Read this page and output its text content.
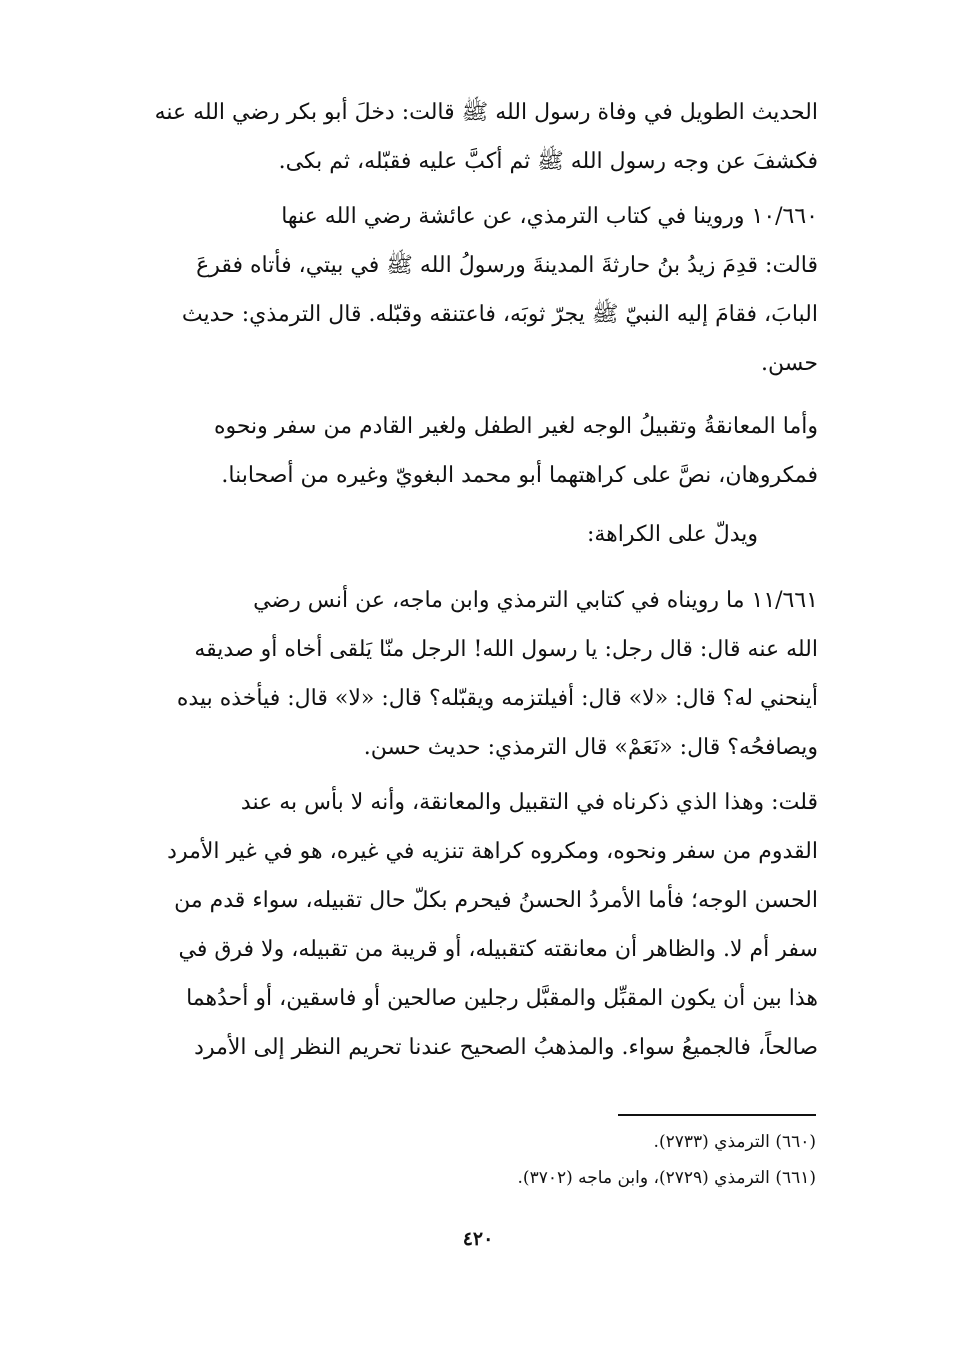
الحديث الطويل في وفاة رسول الله ﷺ قالت: دخلَ أبو بكر رضي الله عنه
فكشفَ عن وجه رسول الله ﷺ ثم أكبَّ عليه فقبّله، ثم بكى.

١٠/٦٦٠ وروينا في كتاب الترمذي، عن عائشة رضي الله عنها
قالت: قدِمَ زيدُ بنُ حارثةَ المدينةَ ورسولُ الله ﷺ في بيتي، فأتاه فقرعَ
البابَ، فقامَ إليه النبيّ ﷺ يجرّ ثوبَه، فاعتنقه وقبّله. قال الترمذي: حديث
حسن.

وأما المعانقةُ وتقبيلُ الوجه لغير الطفل ولغير القادم من سفر ونحوه
فمكروهان، نصَّ على كراهتهما أبو محمد البغويّ وغيره من أصحابنا.

ويدلّ على الكراهة:

١١/٦٦١ ما رويناه في كتابي الترمذي وابن ماجه، عن أنس رضي
الله عنه قال: قال رجل: يا رسول الله! الرجل منّا يَلقى أخاه أو صديقه
أينحني له؟ قال: «لا» قال: أفيلتزمه ويقبّله؟ قال: «لا» قال: فيأخذه بيده
ويصافحُه؟ قال: «نَعَمْ» قال الترمذي: حديث حسن.

قلت: وهذا الذي ذكرناه في التقبيل والمعانقة، وأنه لا بأس به عند
القدوم من سفر ونحوه، ومكروه كراهة تنزيه في غيره، هو في غير الأمرد
الحسن الوجه؛ فأما الأمردُ الحسنُ فيحرم بكلّ حال تقبيله، سواء قدم من
سفر أم لا. والظاهر أن معانقته كتقبيله، أو قريبة من تقبيله، ولا فرق في
هذا بين أن يكون المقبِّل والمقبَّل رجلين صالحين أو فاسقين، أو أحدُهما
صالحاً، فالجميعُ سواء. والمذهبُ الصحيح عندنا تحريم النظر إلى الأمرد

(٦٦٠) الترمذي (٢٧٣٣).
(٦٦١) الترمذي (٢٧٢٩)، وابن ماجه (٣٧٠٢).
٤٢٠
